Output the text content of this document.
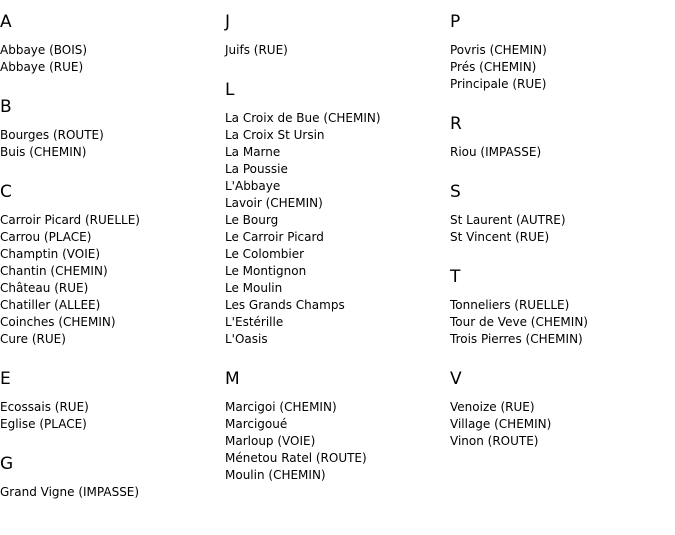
A
Abbaye (BOIS)
Abbaye (RUE)
B
Bourges (ROUTE)
Buis (CHEMIN)
C
Carroir Picard (RUELLE)
Carrou (PLACE)
Champtin (VOIE)
Chantin (CHEMIN)
Château (RUE)
Chatiller (ALLEE)
Coinches (CHEMIN)
Cure (RUE)
E
Ecossais (RUE)
Eglise (PLACE)
G
Grand Vigne (IMPASSE)
J
Juifs (RUE)
L
La Croix de Bue (CHEMIN)
La Croix St Ursin
La Marne
La Poussie
L'Abbaye
Lavoir (CHEMIN)
Le Bourg
Le Carroir Picard
Le Colombier
Le Montignon
Le Moulin
Les Grands Champs
L'Estérille
L'Oasis
M
Marcigoi (CHEMIN)
Marcigoué
Marloup (VOIE)
Ménetou Ratel (ROUTE)
Moulin (CHEMIN)
P
Povris (CHEMIN)
Prés (CHEMIN)
Principale (RUE)
R
Riou (IMPASSE)
S
St Laurent (AUTRE)
St Vincent (RUE)
T
Tonneliers (RUELLE)
Tour de Veve (CHEMIN)
Trois Pierres (CHEMIN)
V
Venoize (RUE)
Village (CHEMIN)
Vinon (ROUTE)
